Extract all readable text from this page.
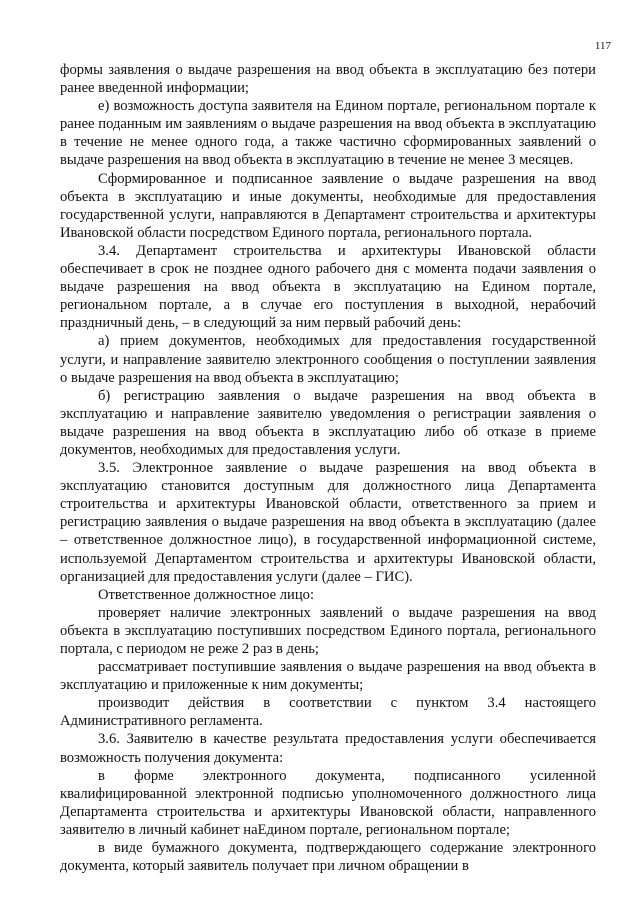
117

формы заявления о выдаче разрешения на ввод объекта в эксплуатацию без потери ранее введенной информации;

е) возможность доступа заявителя на Едином портале, региональном портале к ранее поданным им заявлениям о выдаче разрешения на ввод объекта в эксплуатацию в течение не менее одного года, а также частично сформированных заявлений о выдаче разрешения на ввод объекта в эксплуатацию в течение не менее 3 месяцев.

Сформированное и подписанное заявление о выдаче разрешения на ввод объекта в эксплуатацию и иные документы, необходимые для предоставления государственной услуги, направляются в Департамент строительства и архитектуры Ивановской области посредством Единого портала, регионального портала.

3.4. Департамент строительства и архитектуры Ивановской области обеспечивает в срок не позднее одного рабочего дня с момента подачи заявления о выдаче разрешения на ввод объекта в эксплуатацию на Едином портале, региональном портале, а в случае его поступления в выходной, нерабочий праздничный день, – в следующий за ним первый рабочий день:

а) прием документов, необходимых для предоставления государственной услуги, и направление заявителю электронного сообщения о поступлении заявления о выдаче разрешения на ввод объекта в эксплуатацию;

б) регистрацию заявления о выдаче разрешения на ввод объекта в эксплуатацию и направление заявителю уведомления о регистрации заявления о выдаче разрешения на ввод объекта в эксплуатацию либо об отказе в приеме документов, необходимых для предоставления услуги.

3.5. Электронное заявление о выдаче разрешения на ввод объекта в эксплуатацию становится доступным для должностного лица Департамента строительства и архитектуры Ивановской области, ответственного за прием и регистрацию заявления о выдаче разрешения на ввод объекта в эксплуатацию (далее – ответственное должностное лицо), в государственной информационной системе, используемой Департаментом строительства и архитектуры Ивановской области, организацией для предоставления услуги (далее – ГИС).

Ответственное должностное лицо:

проверяет наличие электронных заявлений о выдаче разрешения на ввод объекта в эксплуатацию поступивших посредством Единого портала, регионального портала, с периодом не реже 2 раз в день;

рассматривает поступившие заявления о выдаче разрешения на ввод объекта в эксплуатацию и приложенные к ним документы;

производит действия в соответствии с пунктом 3.4 настоящего Административного регламента.

3.6. Заявителю в качестве результата предоставления услуги обеспечивается возможность получения документа:

в форме электронного документа, подписанного усиленной квалифицированной электронной подписью уполномоченного должностного лица Департамента строительства и архитектуры Ивановской области, направленного заявителю в личный кабинет наЕдином портале, региональном портале;

в виде бумажного документа, подтверждающего содержание электронного документа, который заявитель получает при личном обращении в
